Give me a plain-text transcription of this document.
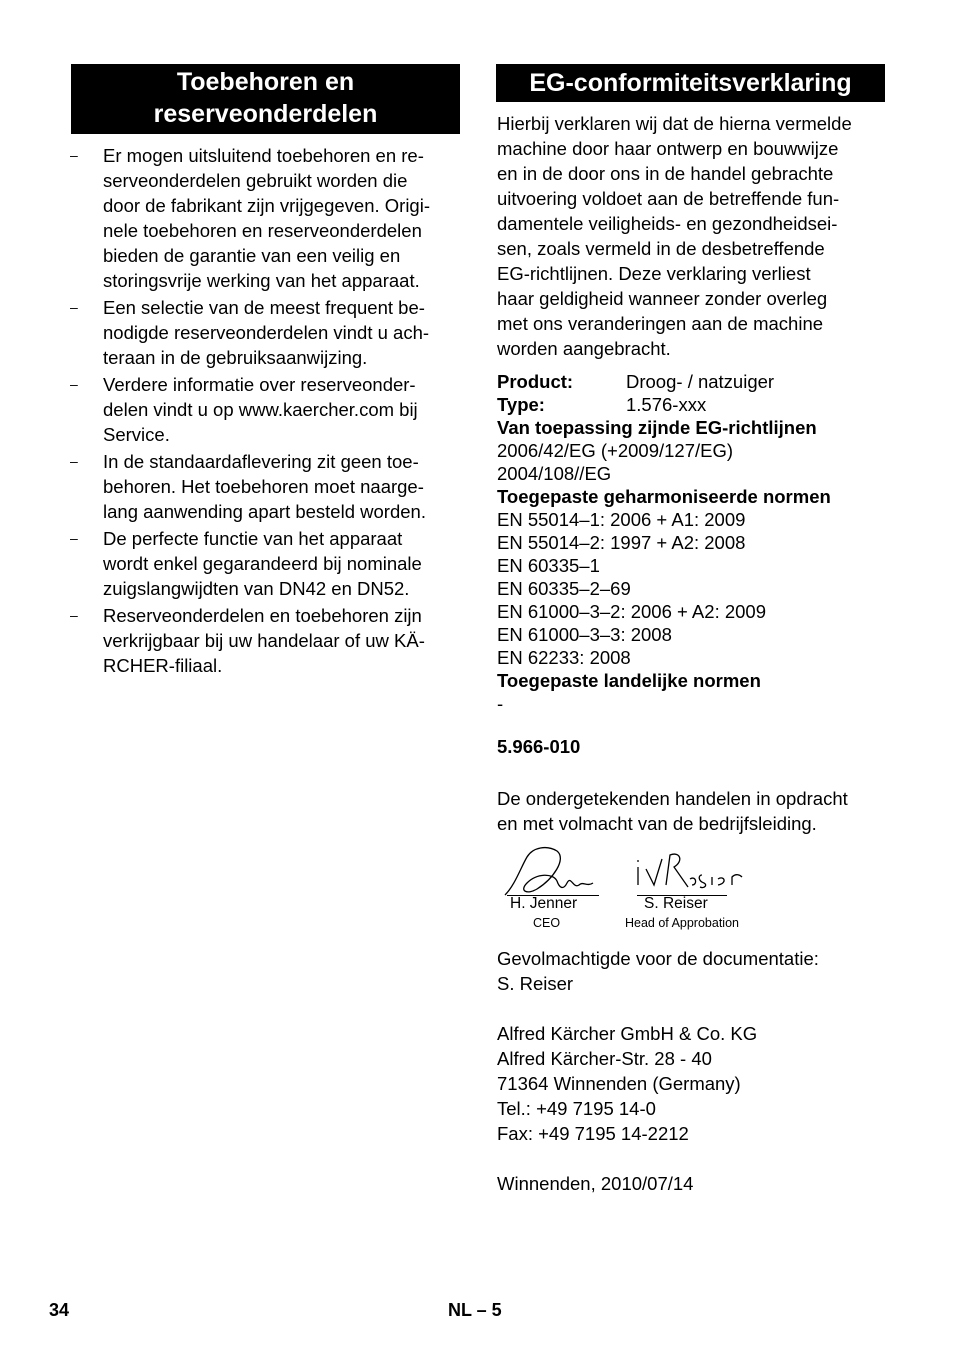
Toebehoren en
reserveonderdelen
– Er mogen uitsluitend toebehoren en re-
serveonderdelen gebruikt worden die
door de fabrikant zijn vrijgegeven. Origi-
nele toebehoren en reserveonderdelen
bieden de garantie van een veilig en
storingsvrije werking van het apparaat.
– Een selectie van de meest frequent be-
nodigde reserveonderdelen vindt u ach-
teraan in de gebruiksaanwijzing.
– Verdere informatie over reserveonder-
delen vindt u op www.kaercher.com bij
Service.
– In de standaardaflevering zit geen toe-
behoren. Het toebehoren moet naarge-
lang aanwending apart besteld worden.
– De perfecte functie van het apparaat
wordt enkel gegarandeerd bij nominale
zuigslangwijdten van DN42 en DN52.
– Reserveonderdelen en toebehoren zijn
verkrijgbaar bij uw handelaar of uw KÄ-
RCHER-filiaal.
EG-conformiteitsverklaring
Hierbij verklaren wij dat de hierna vermelde
machine door haar ontwerp en bouwwijze
en in de door ons in de handel gebrachte
uitvoering voldoet aan de betreffende fun-
damentele veiligheids- en gezondheidsei-
sen, zoals vermeld in de desbetreffende
EG-richtlijnen. Deze verklaring verliest
haar geldigheid wanneer zonder overleg
met ons veranderingen aan de machine
worden aangebracht.
Product:	Droog- / natzuiger
Type:	1.576-xxx
Van toepassing zijnde EG-richtlijnen
2006/42/EG (+2009/127/EG)
2004/108//EG
Toegepaste geharmoniseerde normen
EN 55014–1: 2006 + A1: 2009
EN 55014–2: 1997 + A2: 2008
EN 60335–1
EN 60335–2–69
EN 61000–3–2: 2006 + A2: 2009
EN 61000–3–3: 2008
EN 62233: 2008
Toegepaste landelijke normen
-
5.966-010
De ondergetekenden handelen in opdracht
en met volmacht van de bedrijfsleiding.
H. Jenner	S. Reiser
CEO	Head of Approbation
Gevolmachtigde voor de documentatie:
S. Reiser
Alfred Kärcher GmbH & Co. KG
Alfred Kärcher-Str. 28 - 40
71364 Winnenden (Germany)
Tel.: +49 7195 14-0
Fax: +49 7195 14-2212
Winnenden, 2010/07/14
34	NL – 5
